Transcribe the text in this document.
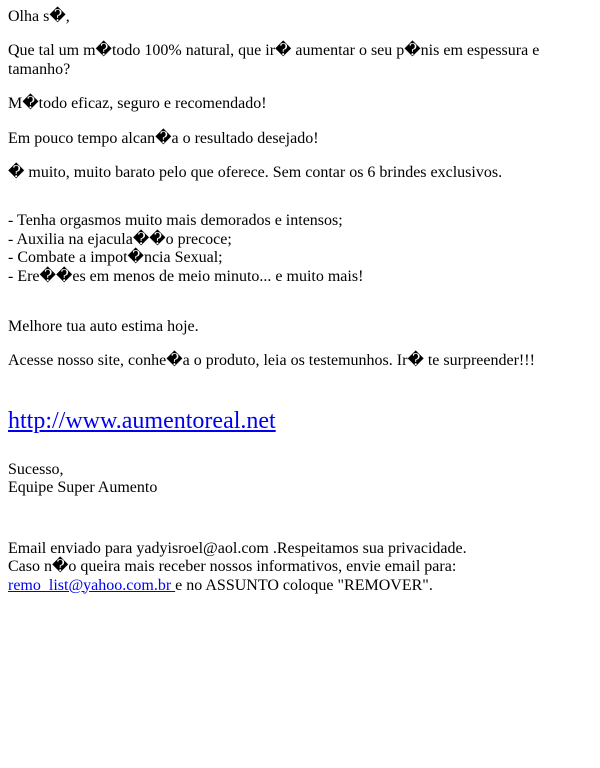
Olha s�,

Que tal um m�todo 100% natural, que ir� aumentar o seu p�nis em espessura e tamanho?

M�todo eficaz, seguro e recomendado!

Em pouco tempo alcan�a o resultado desejado!

� muito, muito barato pelo que oferece. Sem contar os 6 brindes exclusivos.

- Tenha orgasmos muito mais demorados e intensos;
- Auxilia na ejacula��o precoce;
- Combate a impot�ncia Sexual;
- Ere��es em menos de meio minuto... e muito mais!

Melhore tua auto estima hoje.

Acesse nosso site, conhe�a o produto, leia os testemunhos. Ir� te surpreender!!!

http://www.aumentoreal.net

Sucesso,
Equipe Super Aumento

Email enviado para yadyisroel@aol.com .Respeitamos sua privacidade.
Caso n�o queira mais receber nossos informativos, envie email para:
remo_list@yahoo.com.br e no ASSUNTO coloque "REMOVER".
